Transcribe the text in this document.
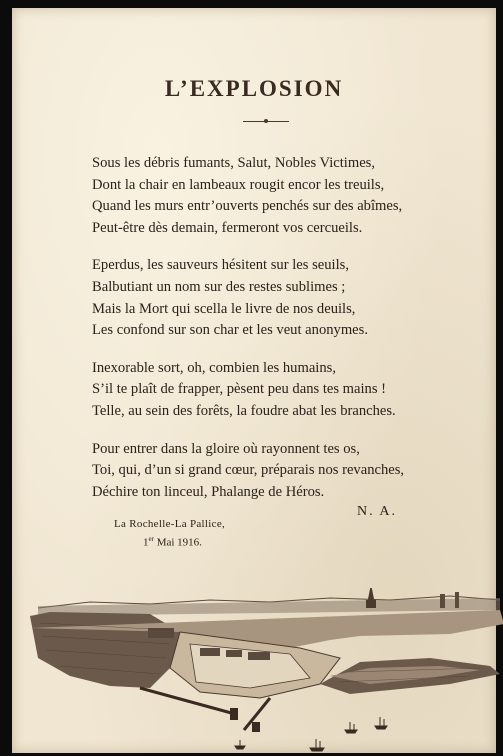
L’EXPLOSION
Sous les débris fumants, Salut, Nobles Victimes,
Dont la chair en lambeaux rougit encor les treuils,
Quand les murs entr’ouverts penchés sur des abîmes,
Peut-être dès demain, fermeront vos cercueils.
Eperdus, les sauveurs hésitent sur les seuils,
Balbutiant un nom sur des restes sublimes ;
Mais la Mort qui scella le livre de nos deuils,
Les confond sur son char et les veut anonymes.
Inexorable sort, oh, combien les humains,
S’il te plaît de frapper, pèsent peu dans tes mains !
Telle, au sein des forêts, la foudre abat les branches.
Pour entrer dans la gloire où rayonnent tes os,
Toi, qui, d’un si grand cœur, préparais nos revanches,
Déchire ton linceul, Phalange de Héros.
N. A.
La Rochelle-La Pallice,
1er Mai 1916.
